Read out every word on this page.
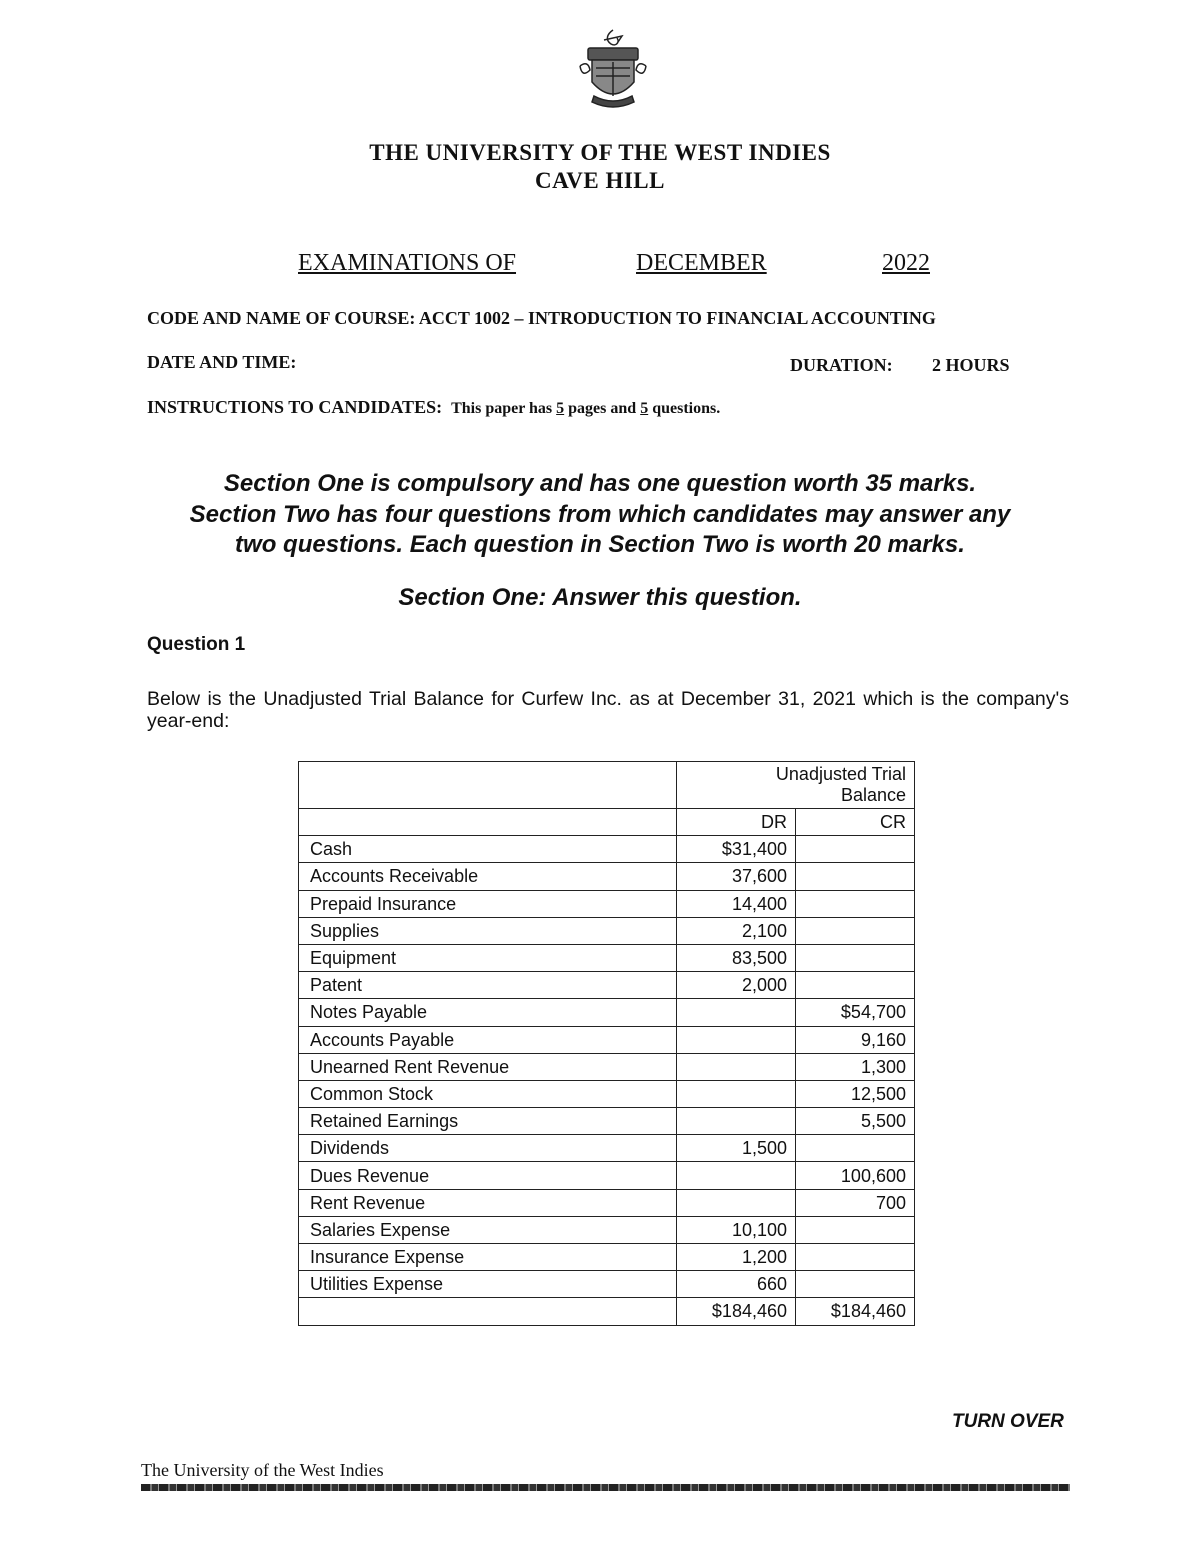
THE UNIVERSITY OF THE WEST INDIES
CAVE HILL
EXAMINATIONS OF	DECEMBER	2022
CODE AND NAME OF COURSE: ACCT 1002 – INTRODUCTION TO FINANCIAL ACCOUNTING
DATE AND TIME:	DURATION: 2 HOURS
INSTRUCTIONS TO CANDIDATES: This paper has 5 pages and 5 questions.
Section One is compulsory and has one question worth 35 marks.
Section Two has four questions from which candidates may answer any
two questions. Each question in Section Two is worth 20 marks.
Section One: Answer this question.
Question 1
Below is the Unadjusted Trial Balance for Curfew Inc. as at December 31, 2021 which is the company's year-end:

	Unadjusted Trial
Balance	

	DR	CR
Cash	$31,400	
Accounts Receivable	37,600	
Prepaid Insurance	14,400	
Supplies	2,100	
Equipment	83,500	
Patent	2,000	
Notes Payable		$54,700
Accounts Payable		9,160
Unearned Rent Revenue		1,300
Common Stock		12,500
Retained Earnings		5,500
Dividends	1,500	
Dues Revenue		100,600
Rent Revenue		700
Salaries Expense	10,100	
Insurance Expense	1,200	
Utilities Expense	660	
	$184,460	$184,460
TURN OVER
The University of the West Indies
